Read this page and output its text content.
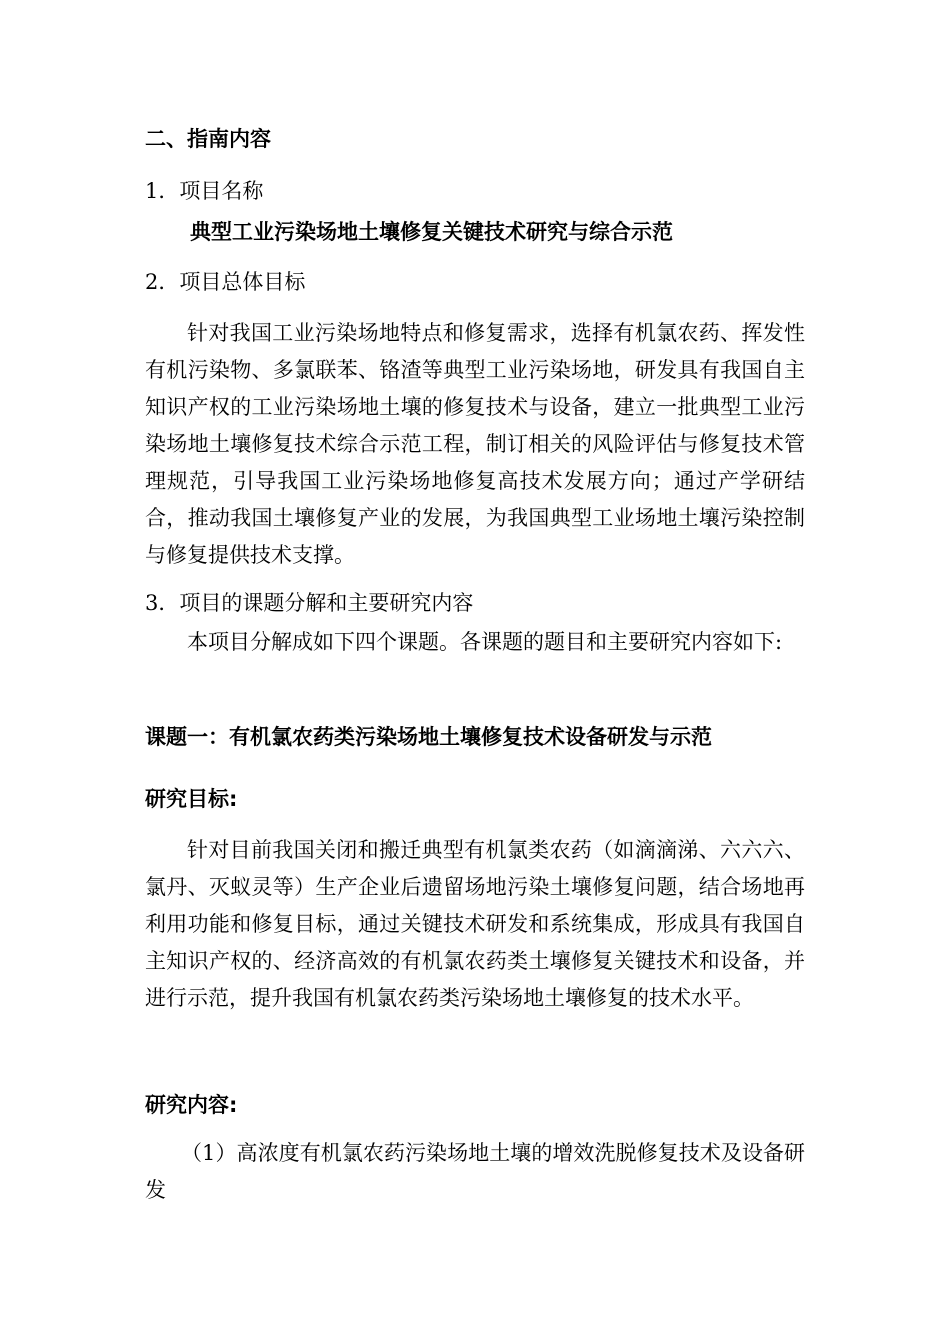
二、指南内容
1．项目名称
典型工业污染场地土壤修复关键技术研究与综合示范
2．项目总体目标
针对我国工业污染场地特点和修复需求，选择有机氯农药、挥发性有机污染物、多氯联苯、铬渣等典型工业污染场地，研发具有我国自主知识产权的工业污染场地土壤的修复技术与设备，建立一批典型工业污染场地土壤修复技术综合示范工程，制订相关的风险评估与修复技术管理规范，引导我国工业污染场地修复高技术发展方向；通过产学研结合，推动我国土壤修复产业的发展，为我国典型工业场地土壤污染控制与修复提供技术支撑。
3．项目的课题分解和主要研究内容
本项目分解成如下四个课题。各课题的题目和主要研究内容如下:
课题一：有机氯农药类污染场地土壤修复技术设备研发与示范
研究目标:
针对目前我国关闭和搬迁典型有机氯类农药（如滴滴涕、六六六、氯丹、灭蚁灵等）生产企业后遗留场地污染土壤修复问题，结合场地再利用功能和修复目标，通过关键技术研发和系统集成，形成具有我国自主知识产权的、经济高效的有机氯农药类土壤修复关键技术和设备，并进行示范，提升我国有机氯农药类污染场地土壤修复的技术水平。
研究内容:
（1）高浓度有机氯农药污染场地土壤的增效洗脱修复技术及设备研发
